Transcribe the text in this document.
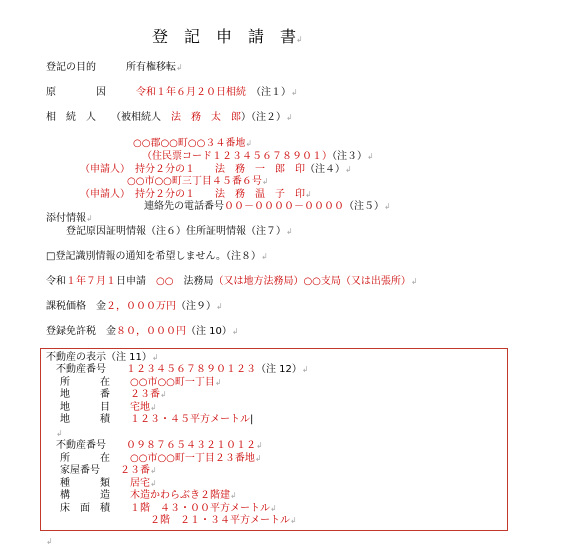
登　記　申　請　書↲
登記の目的　　　所有権移転↲
原　　　　因　　　令和１年６月２０日相続　（注１）↲
相　続　人　　（被相続人　法　務　太　郎）（注２）↲
○○郡○○町○○３４番地↲
（住民票コード１２３４５６７８９０１）（注３）↲
（申請人）　持分２分の１　　法　務　一　郎　印（注４）↲
○○市○○町三丁目４５番６号↲
（申請人）　持分２分の１　　法　務　温　子　印↲
連絡先の電話番号００－００００－００００（注５）↲
添付情報↲
　　登記原因証明情報（注６）住所証明情報（注７）↲
□登記識別情報の通知を希望しません。（注８）↲
令和１年７月１日申請　○○　 法務局（又は地方法務局）○○支局（又は出張所）↲
課税価格　金２，０００万円（注９）↲
登録免許税　金８０，０００円（注 10）↲
不動産の表示（注 11）↲
不動産番号　　 １２３４５６７８９０１２３（注 12）↲
所　　　在　　 ○○市○○町一丁目↲
地　　　番　　 ２３番↲
地　　　目　　 宅地↲
地　　　積　　 １２３・４５平方メートル|
↲
不動産番号　　 ０９８７６５４３２１０１２↲
所　　　在　　 ○○市○○町一丁目２３番地↲
家屋番号　　 ２３番↲
種　　　類　　 居宅↲
構　　　造　　 木造かわらぶき２階建↲
床　面　積　　 １階　４３・００平方メートル↲
２階　２１・３４平方メートル↲
↲
